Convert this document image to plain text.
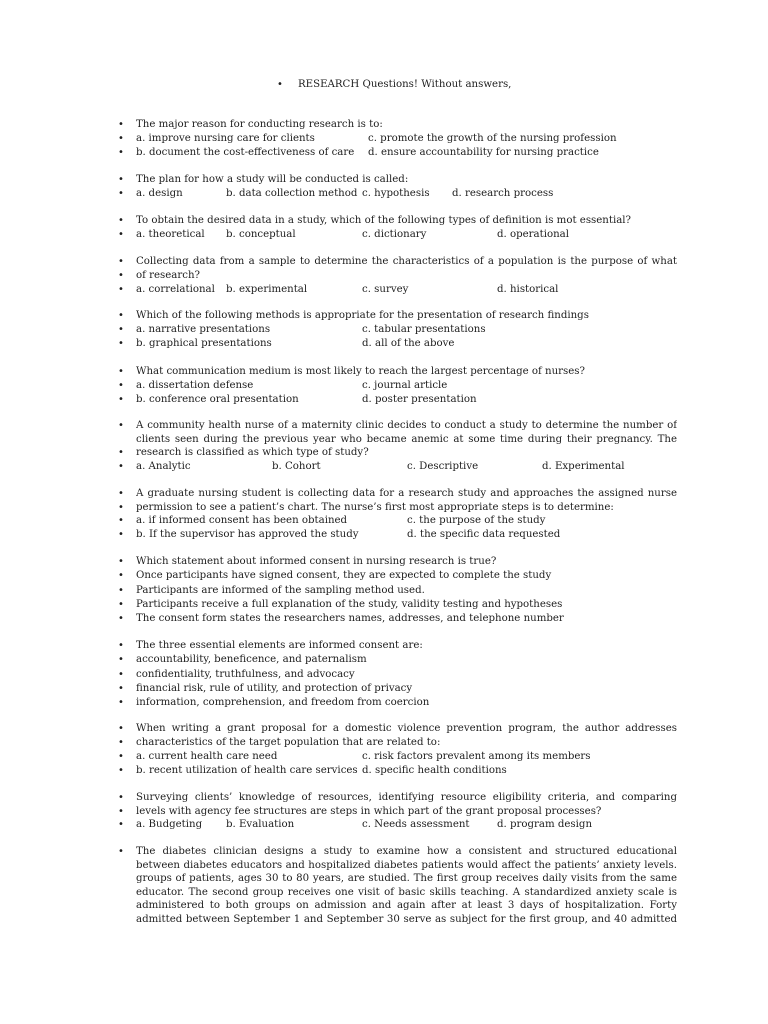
• RESEARCH Questions! Without answers,
• The major reason for conducting research is to:
• a. improve nursing care for clients	c. promote the growth of the nursing profession
• b. document the cost-effectiveness of care d. ensure accountability for nursing practice
• The plan for how a study will be conducted is called:
• a. design	b. data collection method c. hypothesis d. research process
• To obtain the desired data in a study, which of the following types of definition is mot essential?
• a. theoretical b. conceptual	c. dictionary	d. operational
• Collecting data from a sample to determine the characteristics of a population is the purpose of what
• of research?
• a. correlational b. experimental	c. survey	d. historical
• Which of the following methods is appropriate for the presentation of research findings
• a. narrative presentations	c. tabular presentations
• b. graphical presentations	d. all of the above
• What communication medium is most likely to reach the largest percentage of nurses?
• a. dissertation defense	c. journal article
• b. conference oral presentation	d. poster presentation
• A community health nurse of a maternity clinic decides to conduct a study to determine the number of
clients seen during the previous year who became anemic at some time during their pregnancy. The
• research is classified as which type of study?
• a. Analytic	b. Cohort	c. Descriptive	d. Experimental
• A graduate nursing student is collecting data for a research study and approaches the assigned nurse
• permission to see a patient’s chart. The nurse’s first most appropriate steps is to determine:
• a. if informed consent has been obtained	c. the purpose of the study
• b. If the supervisor has approved the study	d. the specific data requested
• Which statement about informed consent in nursing research is true?
• Once participants have signed consent, they are expected to complete the study
• Participants are informed of the sampling method used.
• Participants receive a full explanation of the study, validity testing and hypotheses
• The consent form states the researchers names, addresses, and telephone number
• The three essential elements are informed consent are:
• accountability, beneficence, and paternalism
• confidentiality, truthfulness, and advocacy
• financial risk, rule of utility, and protection of privacy
• information, comprehension, and freedom from coercion
• When writing a grant proposal for a domestic violence prevention program, the author addresses
• characteristics of the target population that are related to:
• a. current health care need	c. risk factors prevalent among its members
• b. recent utilization of health care services d. specific health conditions
• Surveying clients’ knowledge of resources, identifying resource eligibility criteria, and comparing
• levels with agency fee structures are steps in which part of the grant proposal processes?
• a. Budgeting b. Evaluation	c. Needs assessment	d. program design
• The diabetes clinician designs a study to examine how a consistent and structured educational
between diabetes educators and hospitalized diabetes patients would affect the patients’ anxiety levels.
groups of patients, ages 30 to 80 years, are studied. The first group receives daily visits from the same
educator. The second group receives one visit of basic skills teaching. A standardized anxiety scale is
administered to both groups on admission and again after at least 3 days of hospitalization. Forty
admitted between September 1 and September 30 serve as subject for the first group, and 40 admitted
